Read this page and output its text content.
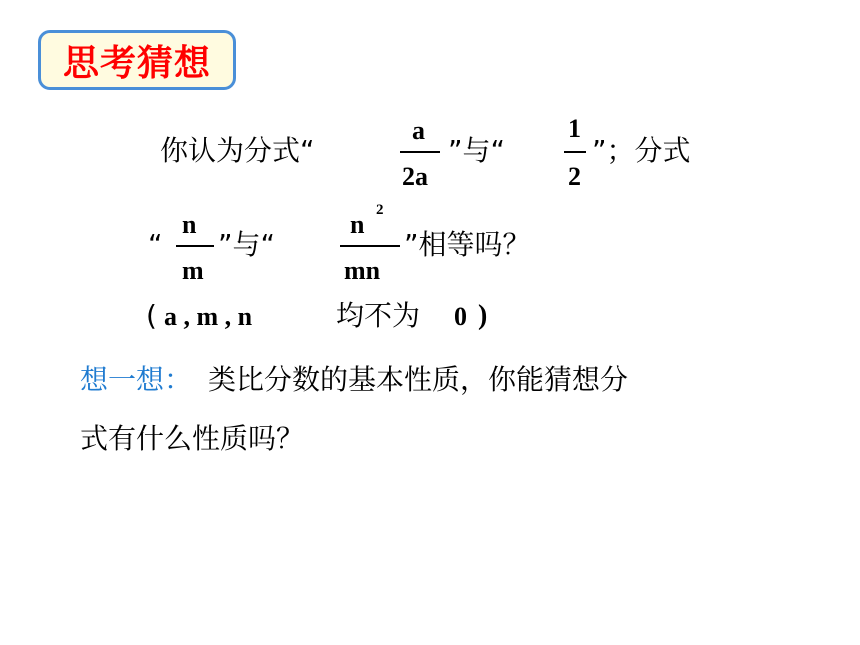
思考猜想
你认为分式“
a
2a
”与“
1
2
”；分式
“
n
m
”与“
n 2
mn
”相等吗？
( a , m , n	均不为 0 )
想一想： 类比分数的基本性质，你能猜想分
式有什么性质吗？
